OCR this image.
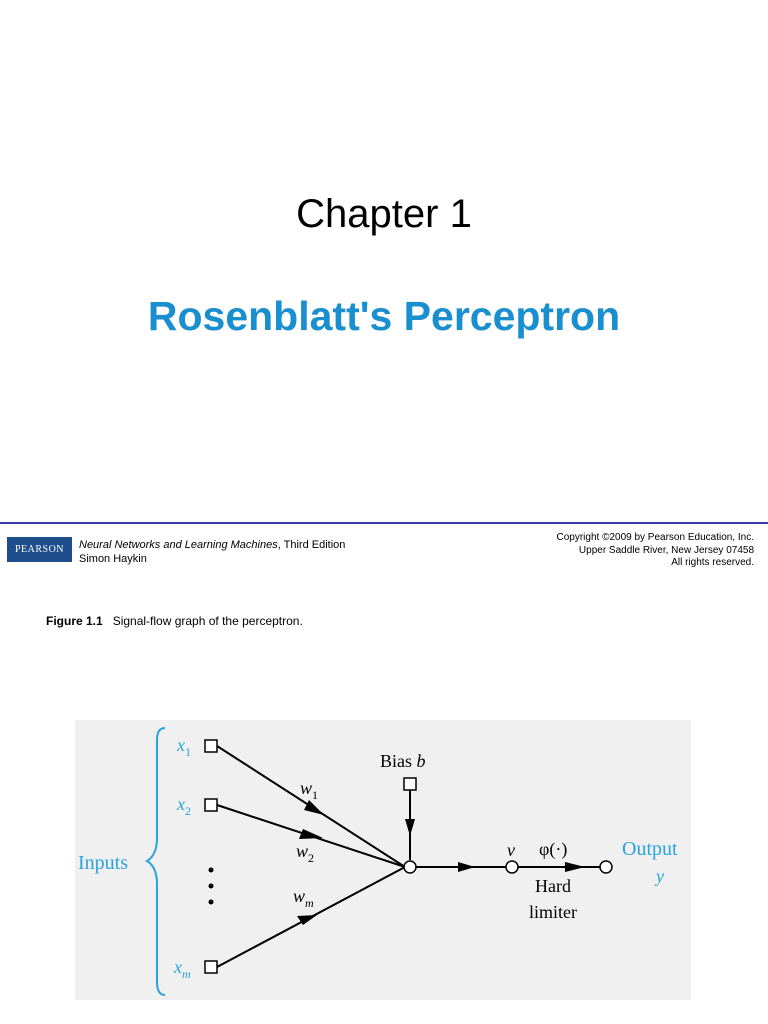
Chapter 1
Rosenblatt's Perceptron
PEARSON	Neural Networks and Learning Machines, Third Edition
Simon Haykin
Copyright ©2009 by Pearson Education, Inc.
Upper Saddle River, New Jersey 07458
All rights reserved.
Figure 1.1 Signal-flow graph of the perceptron.
Inputs
$x_1$
$x_2$
$x_m$
$w_1$
$w_2$
$w_m$
Bias b
v φ(·)
Hard
limiter
Output
y
